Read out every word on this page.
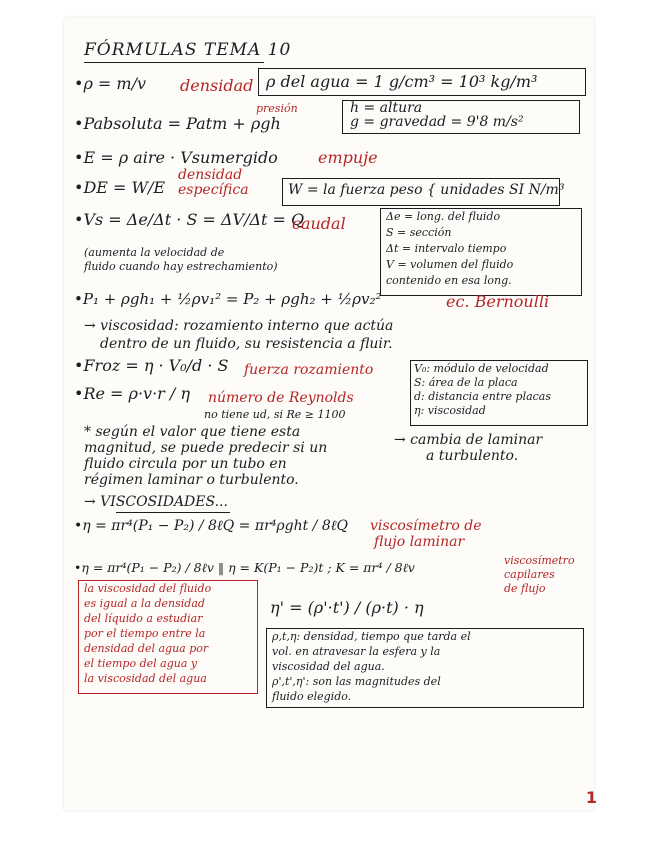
FÓRMULAS TEMA 10
•ρ = m/v densidad ρ del agua = 1 g/cm³ = 10³ kg/m³
presión
•Pabsoluta = Patm + ρgh
h = altura
g = gravedad = 9'8 m/s²
•E = ρ aire · Vsumergido	empuje
•DE = W/E
densidad específica	W = la fuerza peso { unidades SI N/m³
•Vs = Δe/Δt · S = ΔV/Δt = Q
caudal	Δe = long. del fluido
S = sección
Δt = intervalo tiempo
V = volumen del fluido
contenido en esa long.
(aumenta la velocidad de
fluido cuando hay estrechamiento)
•P₁ + ρgh₁ + ½ρv₁² = P₂ + ρgh₂ + ½ρv₂²	ec. Bernoulli
→ viscosidad: rozamiento interno que actúa
dentro de un fluido, su resistencia a fluir.
•Froz = η · V₀/d · S fuerza rozamiento	V₀: módulo de velocidad
S: área de la placa
d: distancia entre placas
η: viscosidad
•Re = ρ·v·r / η número de Reynolds
no tiene ud, si Re ≥ 1100
* según el valor que tiene esta
magnitud, se puede predecir si un
fluido circula por un tubo en
régimen laminar o turbulento.
→ cambia de laminar
a turbulento.
→ VISCOSIDADES...
•η = πr⁴(P₁ − P₂) / 8ℓQ = πr⁴ρght / 8ℓQ viscosímetro de
flujo laminar
•η = πr⁴(P₁ − P₂) / 8ℓv ‖ η = K(P₁ − P₂)t ; K = πr⁴ / 8ℓv	viscosímetro
capilares
de flujo
la viscosidad del fluido
es igual a la densidad
del líquido a estudiar
por el tiempo entre la
densidad del agua por
el tiempo del agua y
la viscosidad del agua
η' = (ρ'·t') / (ρ·t) · η
ρ,t,η: densidad, tiempo que tarda el
vol. en atravesar la esfera y la
viscosidad del agua.
ρ',t',η': son las magnitudes del
fluido elegido.
1
